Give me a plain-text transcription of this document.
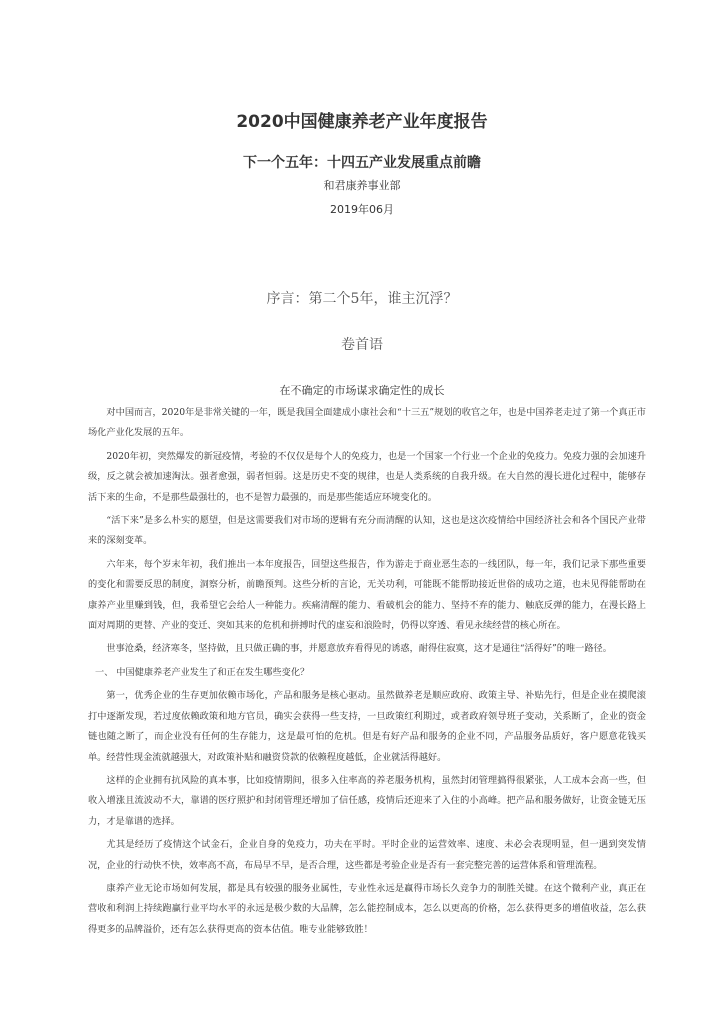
2020中国健康养老产业年度报告
下一个五年：十四五产业发展重点前瞻
和君康养事业部
2019年06月
序言：第二个5年，谁主沉浮？
卷首语
在不确定的市场谋求确定性的成长

对中国而言，2020年是非常关键的一年，既是我国全面建成小康社会和“十三五”规划的收官之年，也是中国养老走过了第一个真正市场化产业化发展的五年。

2020年初，突然爆发的新冠疫情，考验的不仅仅是每个人的免疫力，也是一个国家一个行业一个企业的免疫力。免疫力强的会加速升级，反之就会被加速淘汰。强者愈强，弱者恒弱。这是历史不变的规律，也是人类系统的自我升级。在大自然的漫长进化过程中，能够存活下来的生命，不是那些最强壮的，也不是智力最强的，而是那些能适应环境变化的。

“活下来”是多么朴实的愿望，但是这需要我们对市场的逻辑有充分而清醒的认知，这也是这次疫情给中国经济社会和各个国民产业带来的深刻变革。

六年来，每个岁末年初，我们推出一本年度报告，回望这些报告，作为游走于商业恶生态的一线团队，每一年，我们记录下那些重要的变化和需要反思的制度，洞察分析，前瞻预判。这些分析的言论，无关功利，可能既不能帮助接近世俗的成功之道，也未见得能帮助在康养产业里赚到钱，但，我希望它会给人一种能力。疾痛清醒的能力、看破机会的能力、坚持不弃的能力、触底反弹的能力，在漫长路上面对周期的更替、产业的变迁、突如其来的危机和拼搏时代的虚妄和浪险时，仍得以穿透、看见永续经营的核心所在。

世事沧桑，经济寒冬，坚持做，且只做正确的事，并愿意放弃看得见的诱惑，耐得住寂寞，这才是通往“活得好”的唯一路径。

一、 中国健康养老产业发生了和正在发生哪些变化？

第一，优秀企业的生存更加依赖市场化，产品和服务是核心驱动。虽然做养老是顺应政府、政策主导、补贴先行，但是企业在摸爬滚打中逐渐发现，若过度依赖政策和地方官员，确实会获得一些支持，一旦政策红利期过，或者政府领导班子变动，关系断了，企业的资金链也随之断了，而企业没有任何的生存能力，这是最可怕的危机。但是有好产品和服务的企业不同，产品服务品质好，客户愿意花钱买单。经营性现金流就越强大，对政策补贴和融资贷款的依赖程度越低，企业就活得越好。

这样的企业拥有抗风险的真本事，比如疫情期间，很多入住率高的养老服务机构，虽然封闭管理搞得很紧张，人工成本会高一些，但收入增涨且流波动不大，靠谱的医疗照护和封闭管理还增加了信任感，疫情后还迎来了入住的小高峰。把产品和服务做好，让资金链无压力，才是靠谱的选择。

尤其是经历了疫情这个试金石，企业自身的免疫力，功夫在平时。平时企业的运营效率、速度、未必会表现明显，但一遇到突发情况，企业的行动快不快，效率高不高，布局早不早，是否合理，这些都是考验企业是否有一套完整完善的运营体系和管理流程。

康养产业无论市场如何发展，都是具有较强的服务业属性，专业性永远是赢得市场长久竞争力的制胜关键。在这个微利产业，真正在营收和利润上持续跑赢行业平均水平的永远是极少数的大品牌，怎么能控制成本，怎么以更高的价格，怎么获得更多的增值收益，怎么获得更多的品牌溢价，还有怎么获得更高的资本估值。唯专业能够致胜！
